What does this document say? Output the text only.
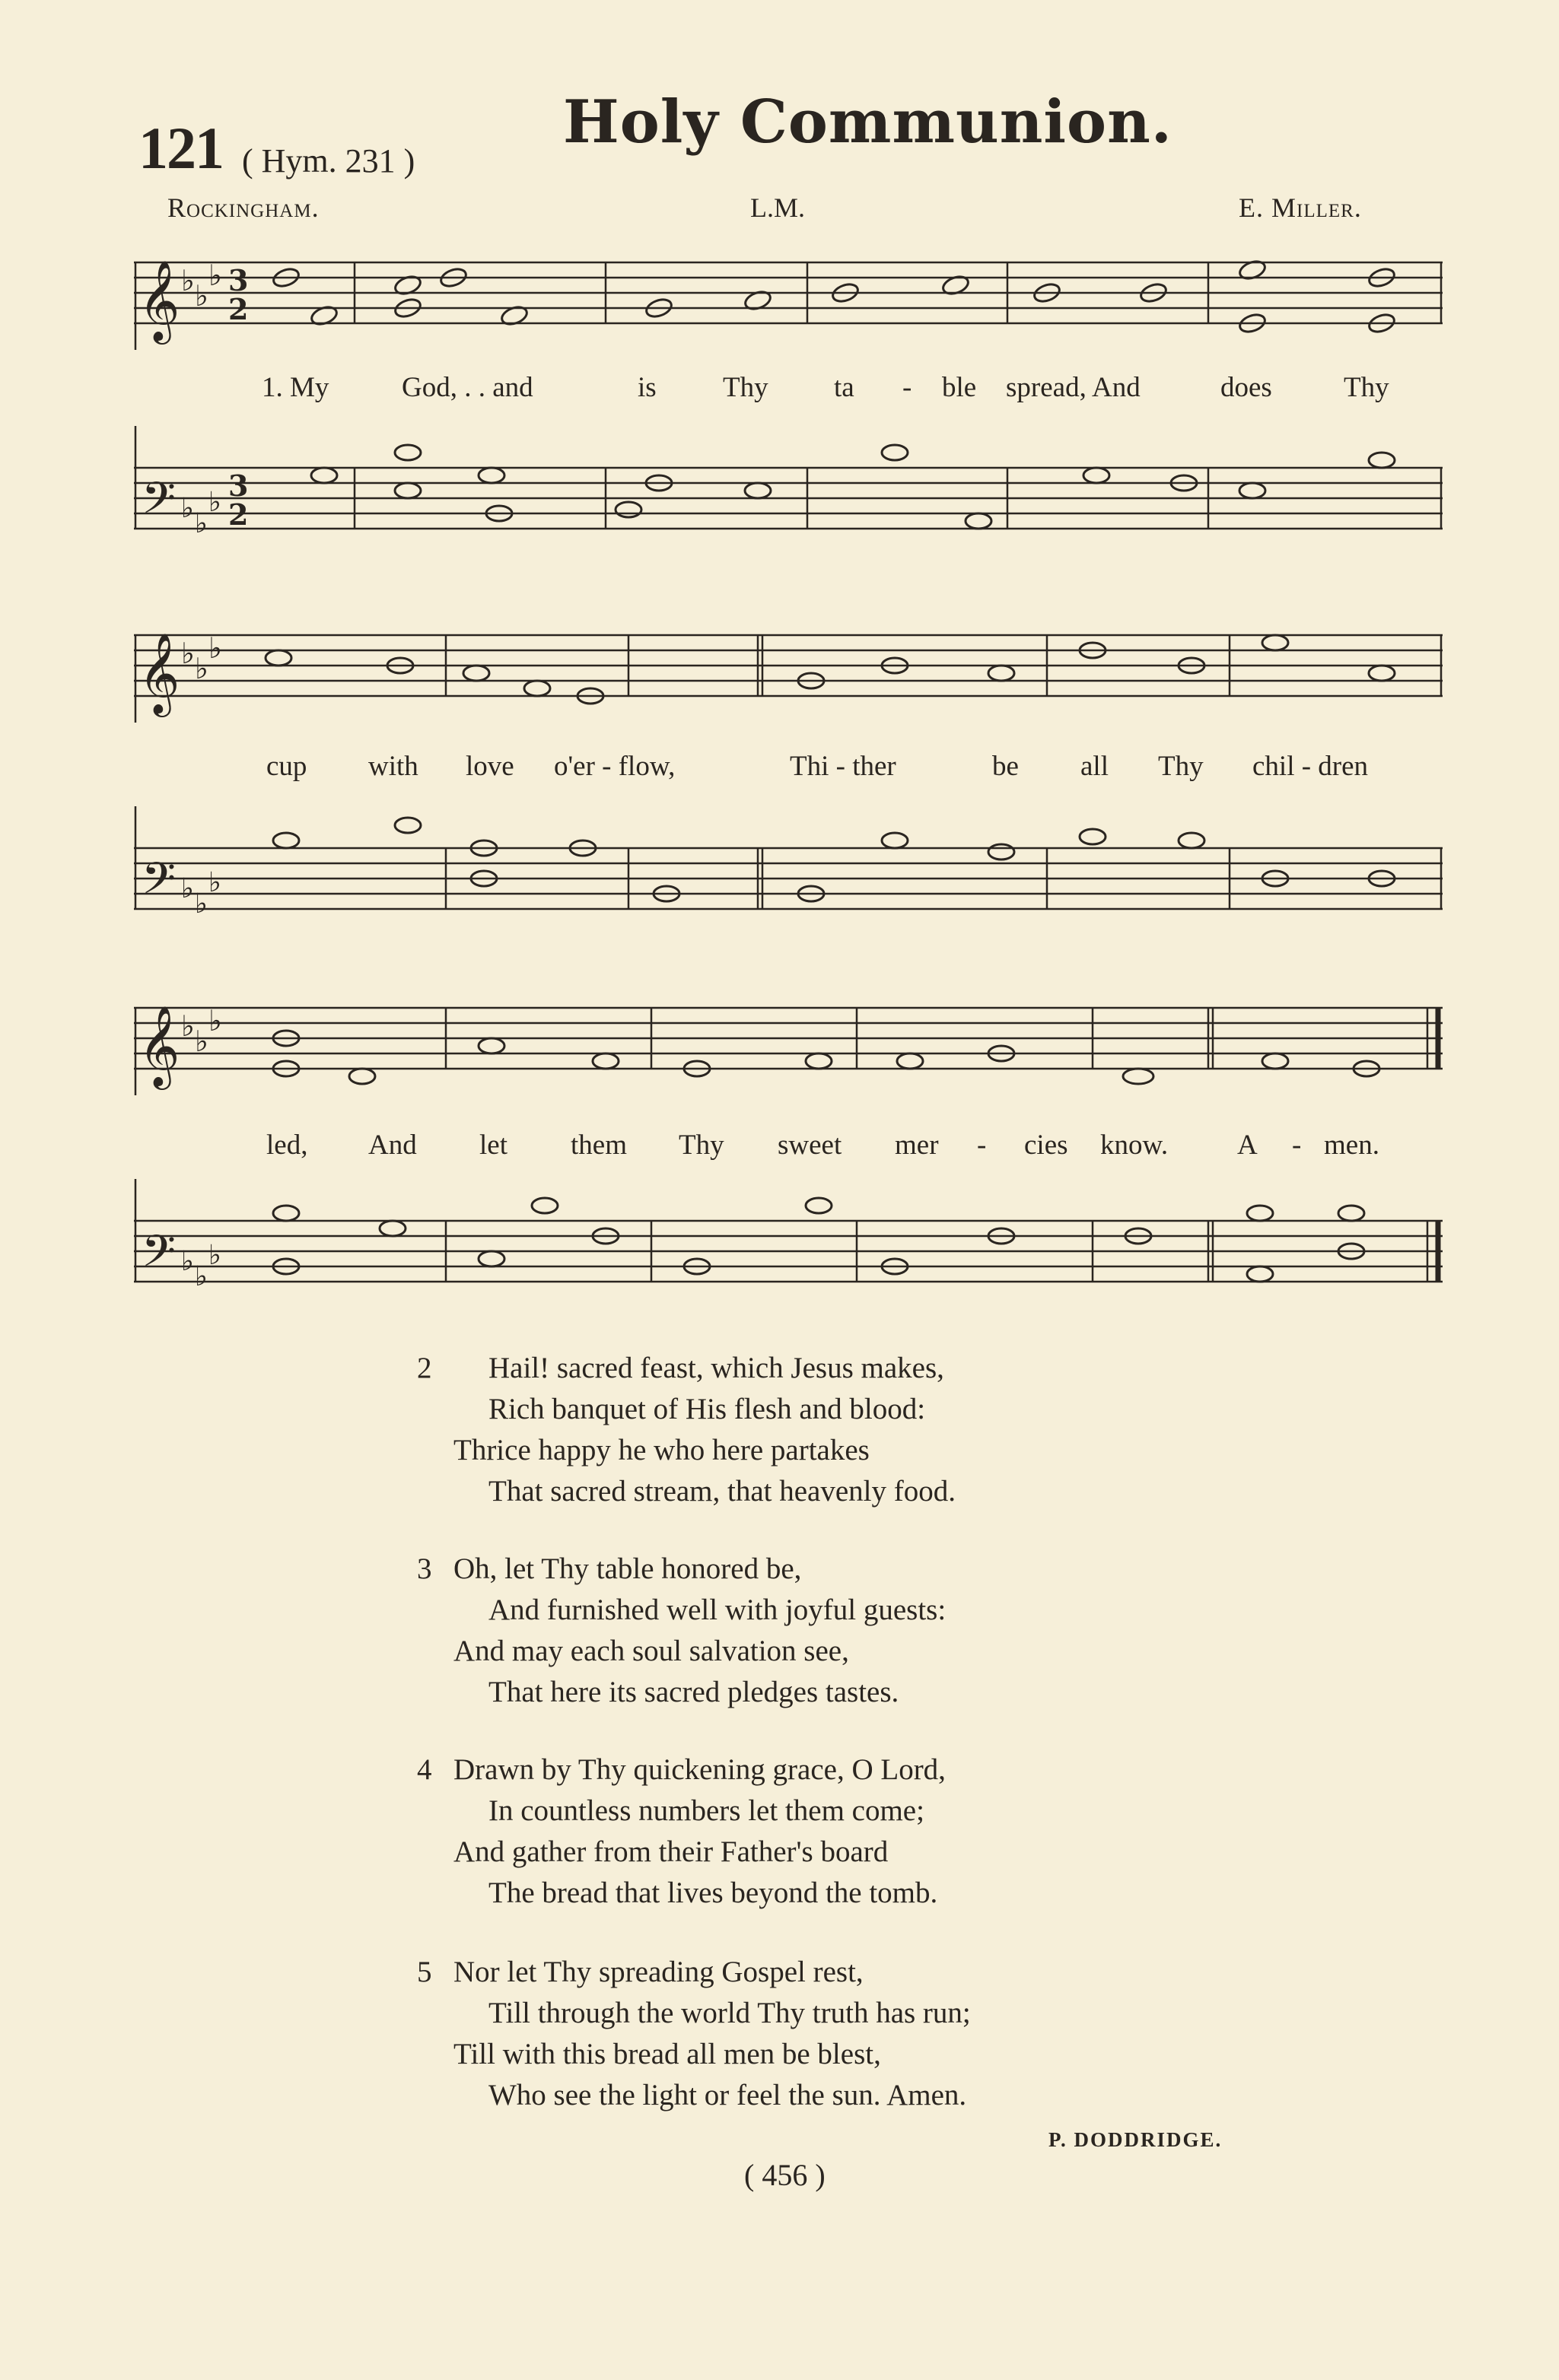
121 ( Hym. 231 )
Holy Communion.
Rockingham.	L.M.	E. Miller.
𝄞 ♭ ♭
♭ 3
2
1. My	God, . . and	is Thy ta - ble spread, And	does	Thy
𝄢 ♭ ♭
♭ 3
2
𝄞 ♭ ♭
♭
cup with love o'er - flow,	Thi - ther	be all Thy chil - dren
𝄢 ♭ ♭
♭
𝄞 ♭ ♭
♭
led, And let them Thy sweet mer - cies know. A - men.
𝄢 ♭ ♭
♭
2	Hail! sacred feast, which Jesus makes,
Rich banquet of His flesh and blood:
Thrice happy he who here partakes
That sacred stream, that heavenly food.
3 Oh, let Thy table honored be,
And furnished well with joyful guests:
And may each soul salvation see,
That here its sacred pledges tastes.
4 Drawn by Thy quickening grace, O Lord,
In countless numbers let them come;
And gather from their Father's board
The bread that lives beyond the tomb.
5 Nor let Thy spreading Gospel rest,
Till through the world Thy truth has run;
Till with this bread all men be blest,
Who see the light or feel the sun. Amen.
P. DODDRIDGE.
( 456 )
